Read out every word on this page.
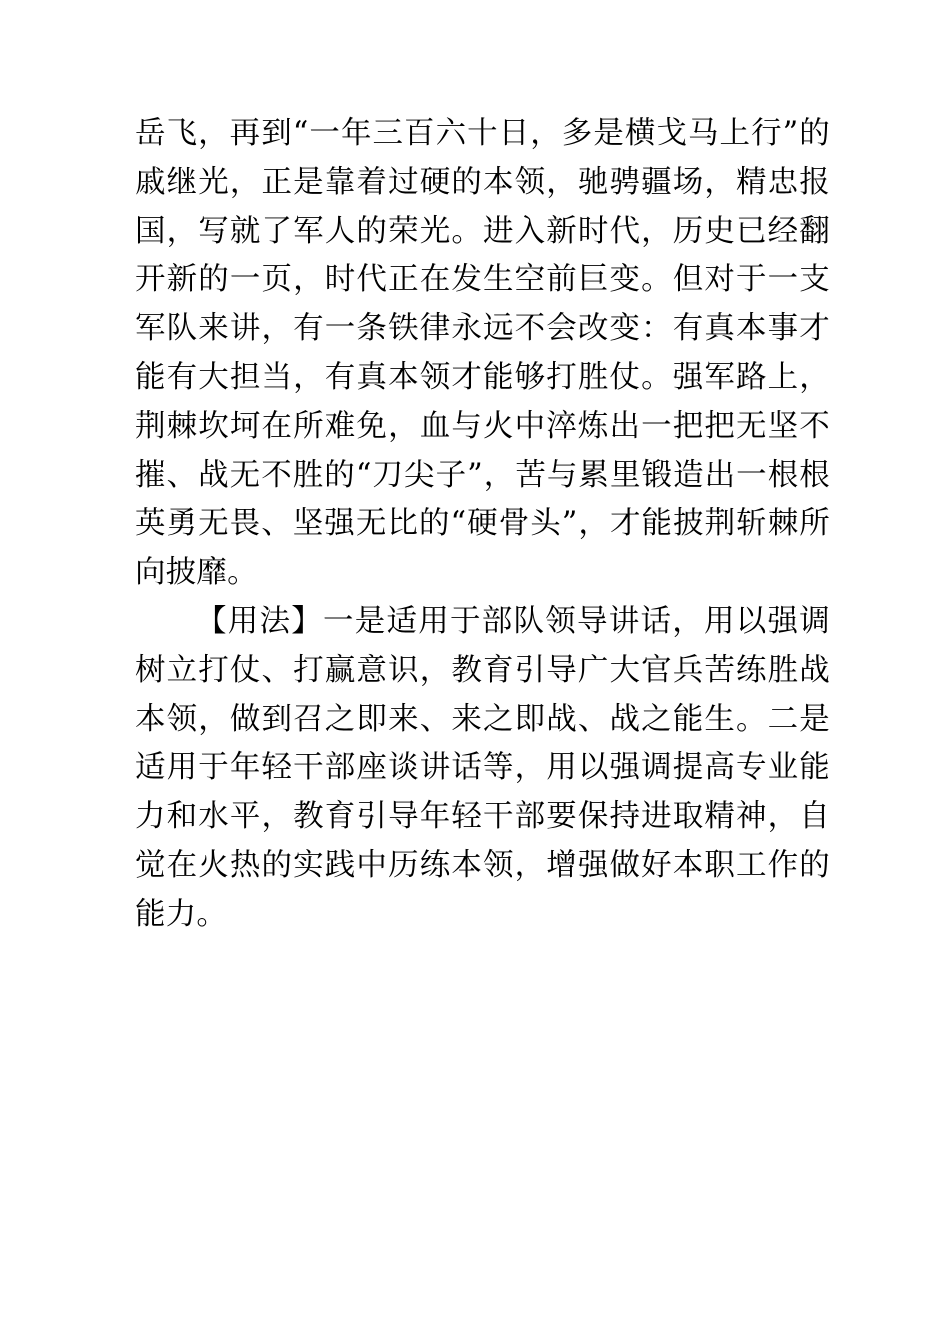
岳飞，再到“一年三百六十日，多是横戈马上行”的戚继光，正是靠着过硬的本领，驰骋疆场，精忠报国，写就了军人的荣光。进入新时代，历史已经翻开新的一页，时代正在发生空前巨变。但对于一支军队来讲，有一条铁律永远不会改变：有真本事才能有大担当，有真本领才能够打胜仗。强军路上，荆棘坎坷在所难免，血与火中淬炼出一把把无坚不摧、战无不胜的“刀尖子”，苦与累里锻造出一根根英勇无畏、坚强无比的“硬骨头”，才能披荆斩棘所向披靡。

【用法】一是适用于部队领导讲话，用以强调树立打仗、打赢意识，教育引导广大官兵苦练胜战本领，做到召之即来、来之即战、战之能生。二是适用于年轻干部座谈讲话等，用以强调提高专业能力和水平，教育引导年轻干部要保持进取精神，自觉在火热的实践中历练本领，增强做好本职工作的能力。
